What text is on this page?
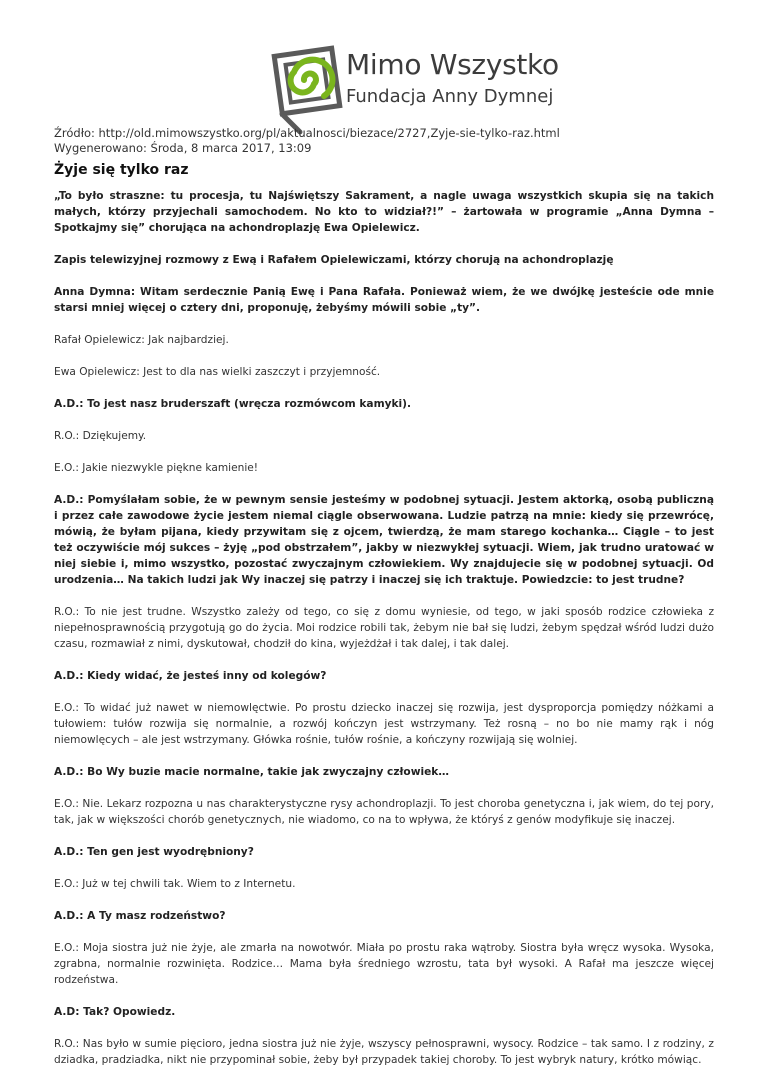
Mimo Wszystko
Fundacja Anny Dymnej
Źródło: http://old.mimowszystko.org/pl/aktualnosci/biezace/2727,Zyje-sie-tylko-raz.html
Wygenerowano: Środa, 8 marca 2017, 13:09
Żyje się tylko raz

„To było straszne: tu procesja, tu Najświętszy Sakrament, a nagle uwaga wszystkich skupia się na takich małych, którzy przyjechali samochodem. No kto to widział?!” – żartowała w programie „Anna Dymna – Spotkajmy się” chorująca na achondroplazję Ewa Opielewicz.

Zapis telewizyjnej rozmowy z Ewą i Rafałem Opielewiczami, którzy chorują na achondroplazję

Anna Dymna: Witam serdecznie Panią Ewę i Pana Rafała. Ponieważ wiem, że we dwójkę jesteście ode mnie starsi mniej więcej o cztery dni, proponuję, żebyśmy mówili sobie „ty”.

Rafał Opielewicz: Jak najbardziej.

Ewa Opielewicz: Jest to dla nas wielki zaszczyt i przyjemność.

A.D.: To jest nasz bruderszaft (wręcza rozmówcom kamyki).

R.O.: Dziękujemy.

E.O.: Jakie niezwykle piękne kamienie!

A.D.: Pomyślałam sobie, że w pewnym sensie jesteśmy w podobnej sytuacji. Jestem aktorką, osobą publiczną i przez całe zawodowe życie jestem niemal ciągle obserwowana. Ludzie patrzą na mnie: kiedy się przewrócę, mówią, że byłam pijana, kiedy przywitam się z ojcem, twierdzą, że mam starego kochanka… Ciągle – to jest też oczywiście mój sukces – żyję „pod obstrzałem”, jakby w niezwykłej sytuacji. Wiem, jak trudno uratować w niej siebie i, mimo wszystko, pozostać zwyczajnym człowiekiem. Wy znajdujecie się w podobnej sytuacji. Od urodzenia… Na takich ludzi jak Wy inaczej się patrzy i inaczej się ich traktuje. Powiedzcie: to jest trudne?

R.O.: To nie jest trudne. Wszystko zależy od tego, co się z domu wyniesie, od tego, w jaki sposób rodzice człowieka z niepełnosprawnością przygotują go do życia. Moi rodzice robili tak, żebym nie bał się ludzi, żebym spędzał wśród ludzi dużo czasu, rozmawiał z nimi, dyskutował, chodził do kina, wyjeżdżał i tak dalej, i tak dalej.

A.D.: Kiedy widać, że jesteś inny od kolegów?

E.O.: To widać już nawet w niemowlęctwie. Po prostu dziecko inaczej się rozwija, jest dysproporcja pomiędzy nóżkami a tułowiem: tułów rozwija się normalnie, a rozwój kończyn jest wstrzymany. Też rosną – no bo nie mamy rąk i nóg niemowlęcych – ale jest wstrzymany. Główka rośnie, tułów rośnie, a kończyny rozwijają się wolniej.

A.D.: Bo Wy buzie macie normalne, takie jak zwyczajny człowiek…

E.O.: Nie. Lekarz rozpozna u nas charakterystyczne rysy achondroplazji. To jest choroba genetyczna i, jak wiem, do tej pory, tak, jak w większości chorób genetycznych, nie wiadomo, co na to wpływa, że któryś z genów modyfikuje się inaczej.

A.D.: Ten gen jest wyodrębniony?

E.O.: Już w tej chwili tak. Wiem to z Internetu.

A.D.: A Ty masz rodzeństwo?

E.O.: Moja siostra już nie żyje, ale zmarła na nowotwór. Miała po prostu raka wątroby. Siostra była wręcz wysoka. Wysoka, zgrabna, normalnie rozwinięta. Rodzice… Mama była średniego wzrostu, tata był wysoki. A Rafał ma jeszcze więcej rodzeństwa.

A.D: Tak? Opowiedz.

R.O.: Nas było w sumie pięcioro, jedna siostra już nie żyje, wszyscy pełnosprawni, wysocy. Rodzice – tak samo. I z rodziny, z dziadka, pradziadka, nikt nie przypominał sobie, żeby był przypadek takiej choroby. To jest wybryk natury, krótko mówiąc.
